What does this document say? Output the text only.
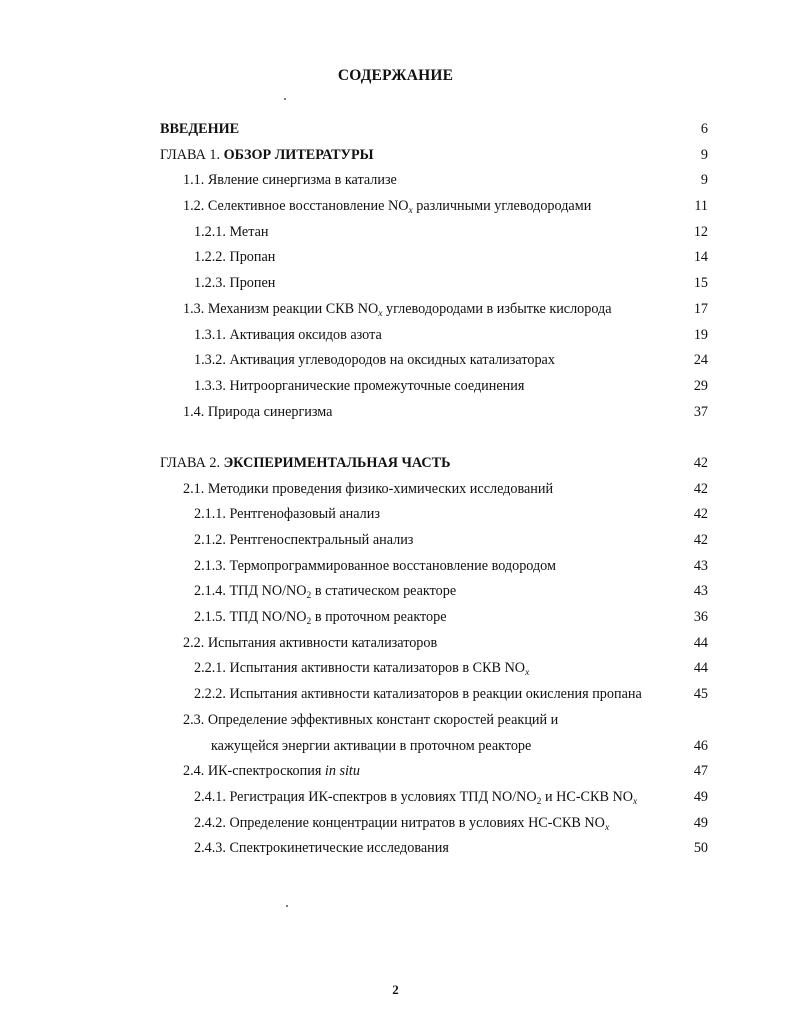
СОДЕРЖАНИЕ
ВВЕДЕНИЕ	6
ГЛАВА 1. ОБЗОР ЛИТЕРАТУРЫ	9
1.1. Явление синергизма в катализе	9
1.2. Селективное восстановление $NO_x$ различными углеводородами	11
1.2.1. Метан	12
1.2.2. Пропан	14
1.2.3. Пропен	15
1.3. Механизм реакции СКВ $NO_x$ углеводородами в избытке кислорода	17
1.3.1. Активация оксидов азота	19
1.3.2. Активация углеводородов на оксидных катализаторах	24
1.3.3. Нитроорганические промежуточные соединения	29
1.4. Природа синергизма	37
ГЛАВА 2. ЭКСПЕРИМЕНТАЛЬНАЯ ЧАСТЬ	42
2.1. Методики проведения физико-химических исследований	42
2.1.1. Рентгенофазовый анализ	42
2.1.2. Рентгеноспектральный анализ	42
2.1.3. Термопрограммированное восстановление водородом	43
2.1.4. ТПД $NO/NO_2$ в статическом реакторе	43
2.1.5. ТПД $NO/NO_2$ в проточном реакторе	36
2.2. Испытания активности катализаторов	44
2.2.1. Испытания активности катализаторов в СКВ $NO_x$	44
2.2.2. Испытания активности катализаторов в реакции окисления пропана	45
2.3. Определение эффективных констант скоростей реакций и
кажущейся энергии активации в проточном реакторе	46
2.4. ИК-спектроскопия in situ	47
2.4.1. Регистрация ИК-спектров в условиях ТПД $NO/NO_2$ и НС-СКВ $NO_x$	49
2.4.2. Определение концентрации нитратов в условиях НС-СКВ $NO_x$	49
2.4.3. Спектрокинетические исследования	50
2
